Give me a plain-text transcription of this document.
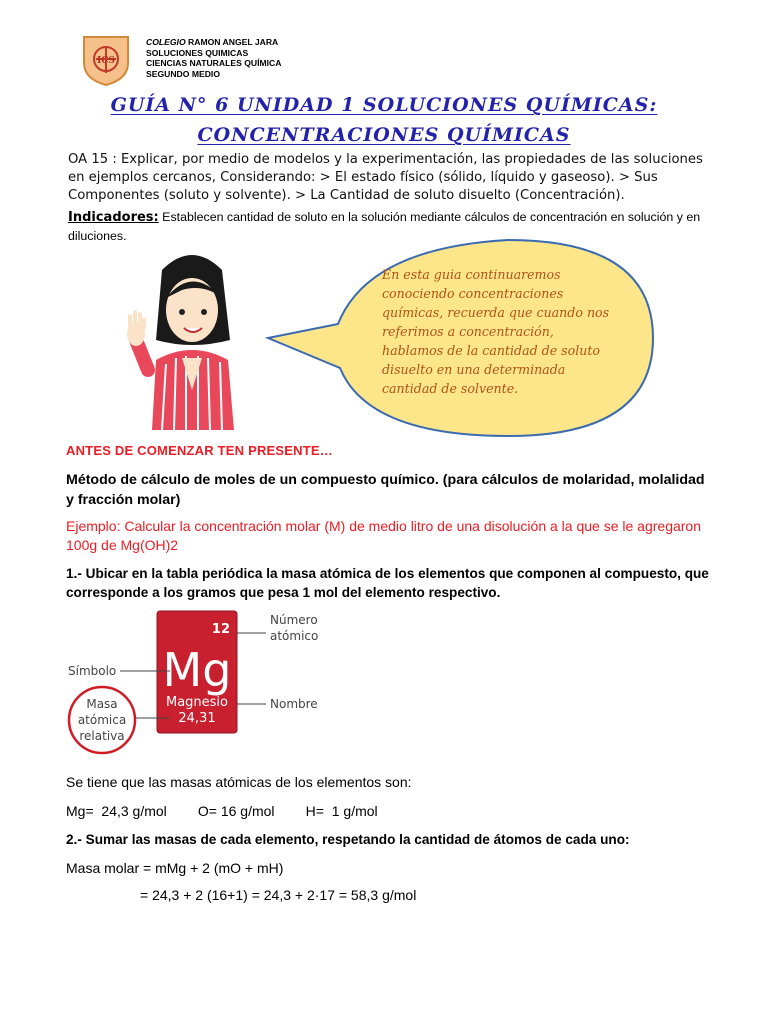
ICS
COLEGIO RAMON ANGEL JARA
SOLUCIONES QUIMICAS
CIENCIAS NATURALES QUÍMICA
SEGUNDO MEDIO
GUÍA N° 6 UNIDAD 1 SOLUCIONES QUÍMICAS:
CONCENTRACIONES QUÍMICAS
OA 15 : Explicar, por medio de modelos y la experimentación, las propiedades de las soluciones en ejemplos cercanos, Considerando: > El estado físico (sólido, líquido y gaseoso). > Sus Componentes (soluto y solvente). > La Cantidad de soluto disuelto (Concentración).
Indicadores: Establecen cantidad de soluto en la solución mediante cálculos de concentración en solución y en diluciones.
En esta guia continuaremos
conociendo concentraciones
químicas, recuerda que cuando nos
referimos a concentración,
hablamos de la cantidad de soluto
disuelto en una determinada
cantidad de solvente.
ANTES DE COMENZAR TEN PRESENTE…
Método de cálculo de moles de un compuesto químico. (para cálculos de molaridad, molalidad y fracción molar)
Ejemplo: Calcular la concentración molar (M) de medio litro de una disolución a la que se le agregaron 100g de Mg(OH)2
1.- Ubicar en la tabla periódica la masa atómica de los elementos que componen al compuesto, que corresponde a los gramos que pesa 1 mol del elemento respectivo.
12
Mg
Magnesio
24,31
Número
atómico
Símbolo
Nombre
Masa
atómica
relativa
Se tiene que las masas atómicas de los elementos son:
Mg=  24,3 g/mol        O= 16 g/mol        H=  1 g/mol
2.- Sumar las masas de cada elemento, respetando la cantidad de átomos de cada uno:
Masa molar = mMg + 2 (mO + mH)
= 24,3 + 2 (16+1) = 24,3 + 2·17 = 58,3 g/mol
